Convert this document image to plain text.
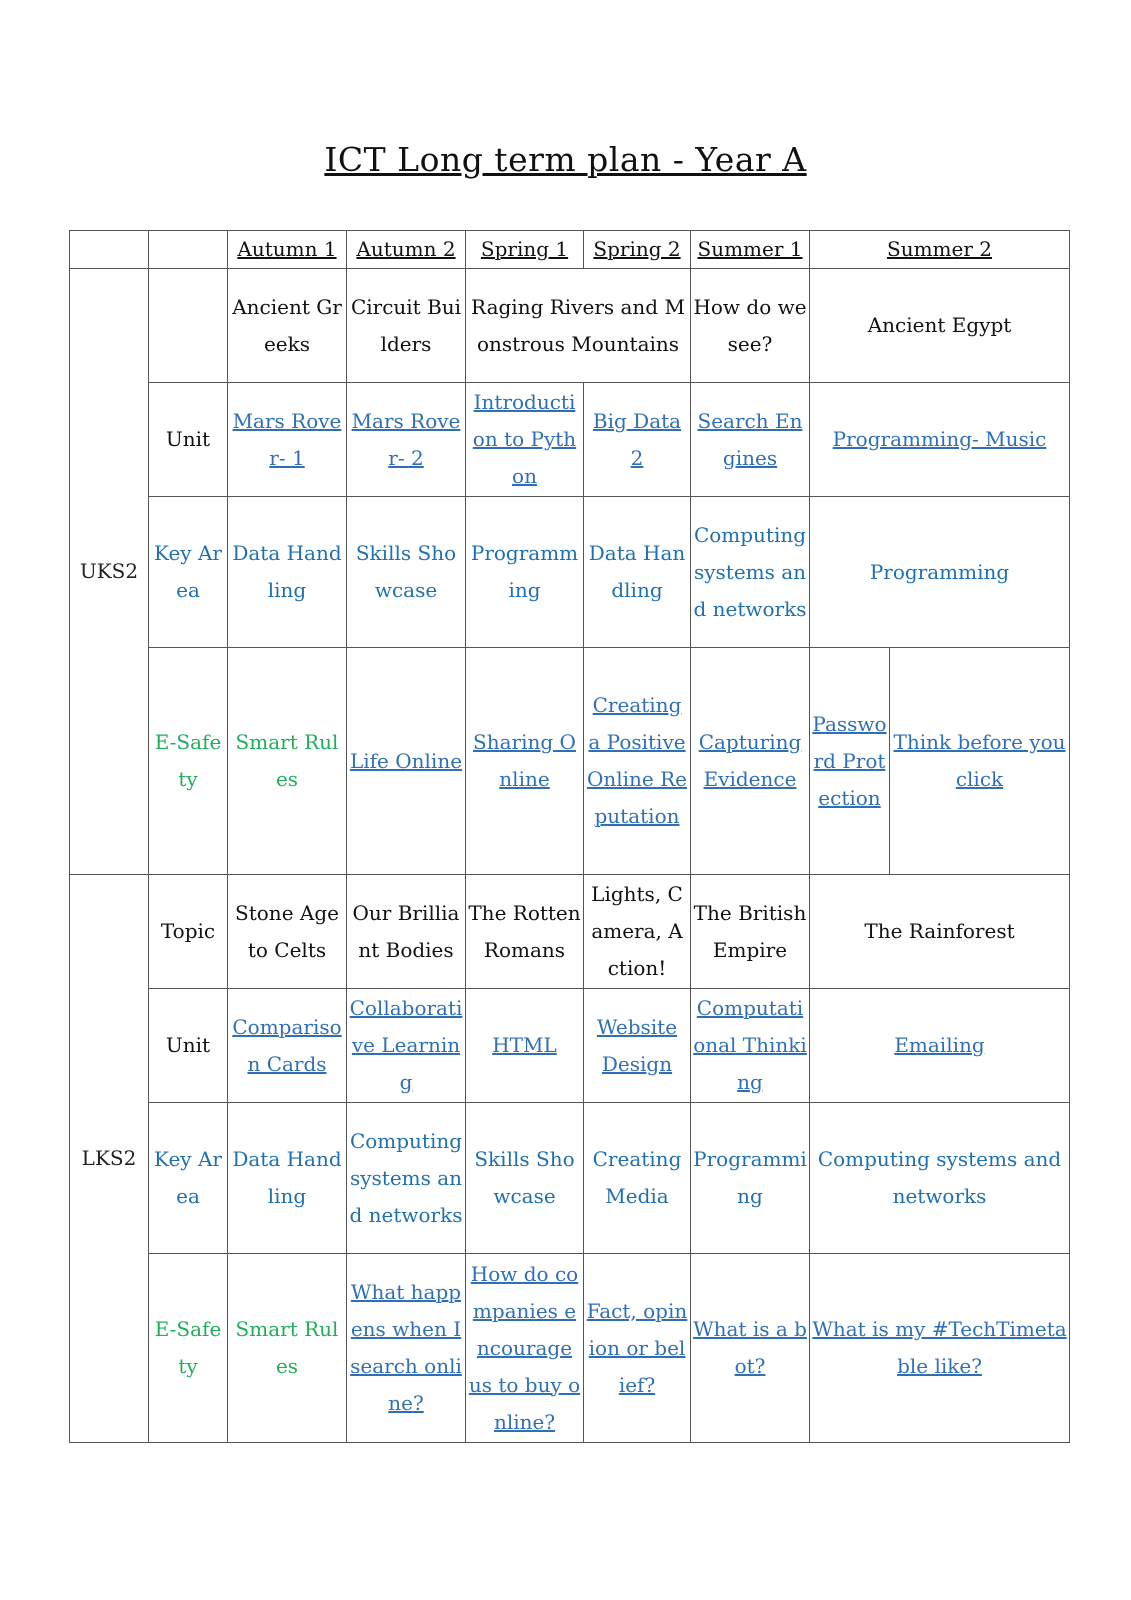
ICT Long term plan - Year A
		Autumn 1	Autumn 2	Spring 1	Spring 2	Summer 1	Summer 2	
UKS2		Ancient Greeks	Circuit Builders	Raging Rivers and Monstrous Mountains		How do we see?	Ancient Egypt	
	Unit	Mars Rover- 1	Mars Rover- 2	Introduction to Python	Big Data 2	Search Engines	Programming- Music	
	Key Area	Data Handling	Skills Showcase	Programming	Data Handling	Computing systems and networks	Programming	
	E-Safety	Smart Rules	Life Online	Sharing Online	Creating a Positive Online Reputation	Capturing Evidence	Password Protection	Think before you click
LKS2	Topic	Stone Age to Celts	Our Brilliant Bodies	The Rotten Romans	Lights, Camera, Action!	The British Empire	The Rainforest	
	Unit	Comparison Cards	Collaborative Learning	HTML	Website Design	Computational Thinking	Emailing	
	Key Area	Data Handling	Computing systems and networks	Skills Showcase	Creating Media	Programming	Computing systems and networks	
	E-Safety	Smart Rules	What happens when I search online?	How do companies encourage us to buy online?	Fact, opinion or belief?	What is a bot?	What is my #TechTimetable like?	
